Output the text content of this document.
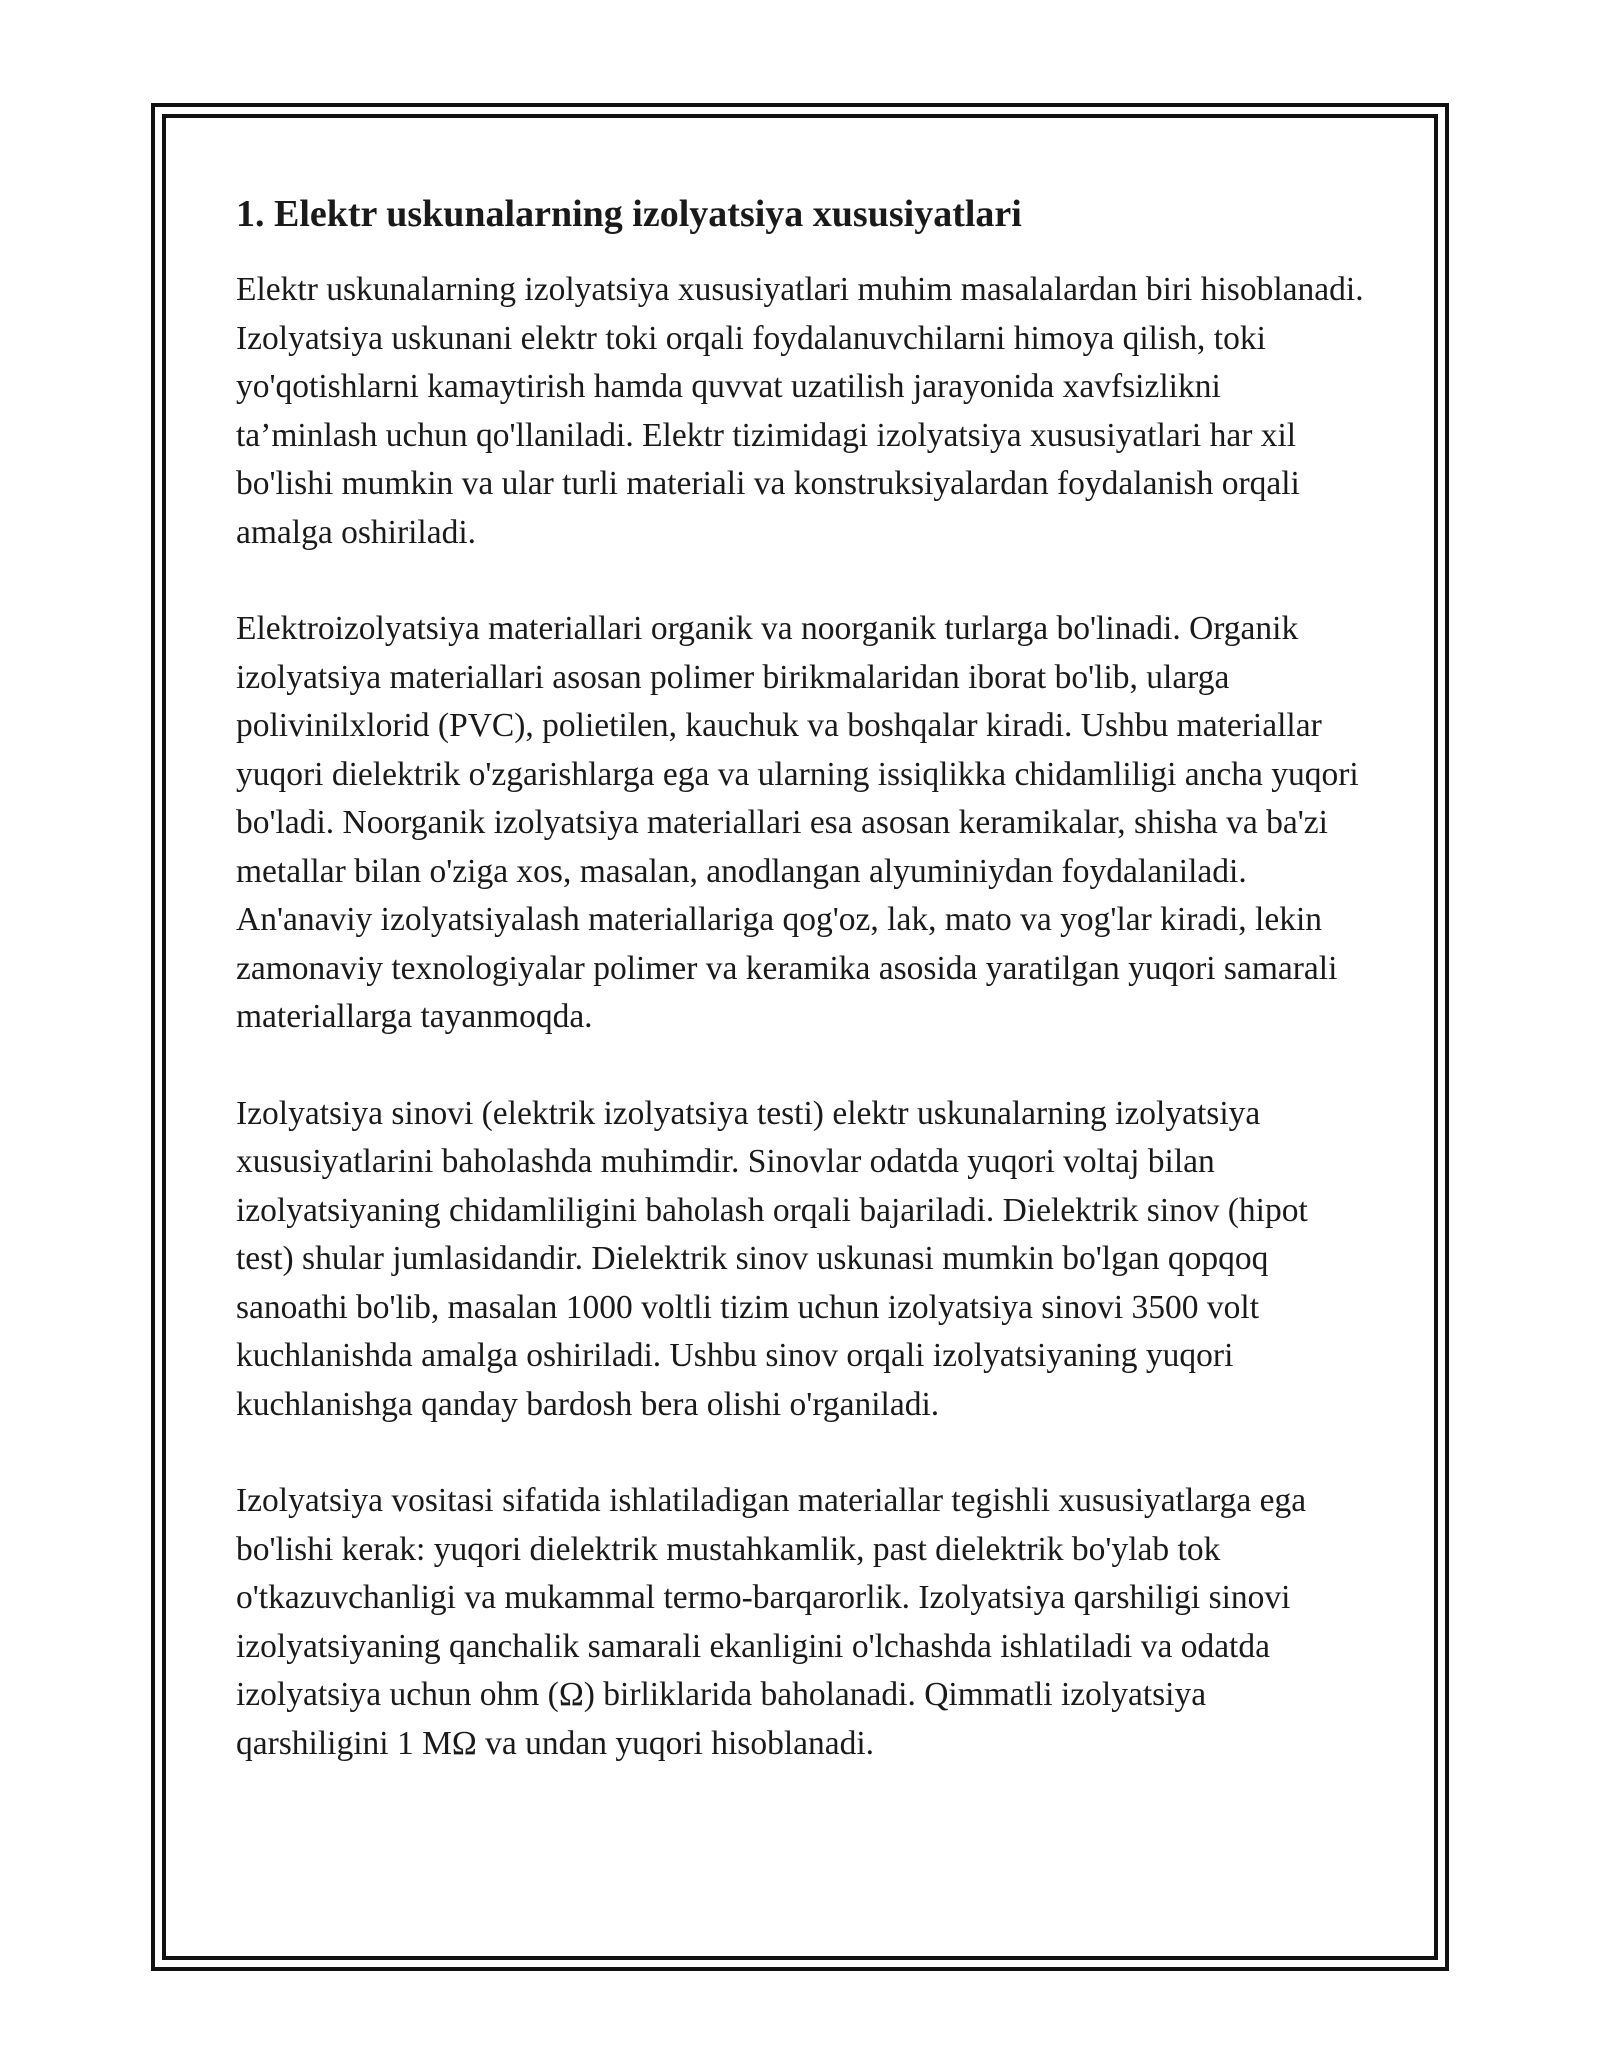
1. Elektr uskunalarning izolyatsiya xususiyatlari

Elektr uskunalarning izolyatsiya xususiyatlari muhim masalalardan biri hisoblanadi. Izolyatsiya uskunani elektr toki orqali foydalanuvchilarni himoya qilish, toki yo'qotishlarni kamaytirish hamda quvvat uzatilish jarayonida xavfsizlikni ta’minlash uchun qo'llaniladi. Elektr tizimidagi izolyatsiya xususiyatlari har xil bo'lishi mumkin va ular turli materiali va konstruksiyalardan foydalanish orqali amalga oshiriladi.

Elektroizolyatsiya materiallari organik va noorganik turlarga bo'linadi. Organik izolyatsiya materiallari asosan polimer birikmalaridan iborat bo'lib, ularga polivinilxlorid (PVC), polietilen, kauchuk va boshqalar kiradi. Ushbu materiallar yuqori dielektrik o'zgarishlarga ega va ularning issiqlikka chidamliligi ancha yuqori bo'ladi. Noorganik izolyatsiya materiallari esa asosan keramikalar, shisha va ba'zi metallar bilan o'ziga xos, masalan, anodlangan alyuminiydan foydalaniladi. An'anaviy izolyatsiyalash materiallariga qog'oz, lak, mato va yog'lar kiradi, lekin zamonaviy texnologiyalar polimer va keramika asosida yaratilgan yuqori samarali materiallarga tayanmoqda.

Izolyatsiya sinovi (elektrik izolyatsiya testi) elektr uskunalarning izolyatsiya xususiyatlarini baholashda muhimdir. Sinovlar odatda yuqori voltaj bilan izolyatsiyaning chidamliligini baholash orqali bajariladi. Dielektrik sinov (hipot test) shular jumlasidandir. Dielektrik sinov uskunasi mumkin bo'lgan qopqoq sanoathi bo'lib, masalan 1000 voltli tizim uchun izolyatsiya sinovi 3500 volt kuchlanishda amalga oshiriladi. Ushbu sinov orqali izolyatsiyaning yuqori kuchlanishga qanday bardosh bera olishi o'rganiladi.

Izolyatsiya vositasi sifatida ishlatiladigan materiallar tegishli xususiyatlarga ega bo'lishi kerak: yuqori dielektrik mustahkamlik, past dielektrik bo'ylab tok o'tkazuvchanligi va mukammal termo-barqarorlik. Izolyatsiya qarshiligi sinovi izolyatsiyaning qanchalik samarali ekanligini o'lchashda ishlatiladi va odatda izolyatsiya uchun ohm (Ω) birliklarida baholanadi. Qimmatli izolyatsiya qarshiligini 1 MΩ va undan yuqori hisoblanadi.
